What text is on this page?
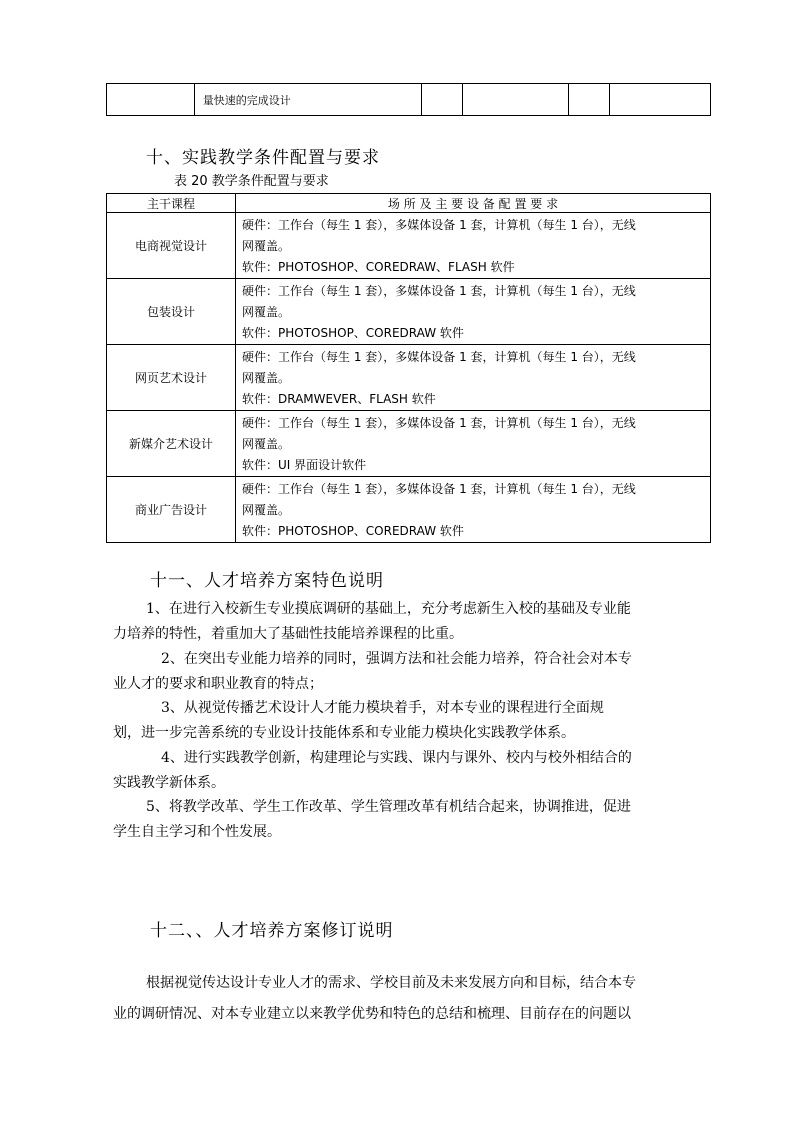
	量快速的完成设计				
十、实践教学条件配置与要求
表 20 教学条件配置与要求
主干课程	场 所 及 主 要 设 备 配 置 要 求
电商视觉设计	硬件：工作台（每生 1 套），多媒体设备 1 套，计算机（每生 1 台），无线
网覆盖。
软件：PHOTOSHOP、COREDRAW、FLASH 软件

包装设计	硬件：工作台（每生 1 套），多媒体设备 1 套，计算机（每生 1 台），无线
网覆盖。
软件：PHOTOSHOP、COREDRAW 软件

网页艺术设计	硬件：工作台（每生 1 套），多媒体设备 1 套，计算机（每生 1 台），无线
网覆盖。
软件：DRAMWEVER、FLASH 软件

新媒介艺术设计	硬件：工作台（每生 1 套），多媒体设备 1 套，计算机（每生 1 台），无线
网覆盖。
软件：UI 界面设计软件

商业广告设计	硬件：工作台（每生 1 套），多媒体设备 1 套，计算机（每生 1 台），无线
网覆盖。
软件：PHOTOSHOP、COREDRAW 软件
十一、人才培养方案特色说明
1、在进行入校新生专业摸底调研的基础上，充分考虑新生入校的基础及专业能
力培养的特性，着重加大了基础性技能培养课程的比重。
2、在突出专业能力培养的同时，强调方法和社会能力培养，符合社会对本专
业人才的要求和职业教育的特点；
3、从视觉传播艺术设计人才能力模块着手，对本专业的课程进行全面规
划，进一步完善系统的专业设计技能体系和专业能力模块化实践教学体系。
4、进行实践教学创新，构建理论与实践、课内与课外、校内与校外相结合的
实践教学新体系。
5、将教学改革、学生工作改革、学生管理改革有机结合起来，协调推进，促进
学生自主学习和个性发展。
十二、、人才培养方案修订说明
根据视觉传达设计专业人才的需求、学校目前及未来发展方向和目标，结合本专
业的调研情况、对本专业建立以来教学优势和特色的总结和梳理、目前存在的问题以
